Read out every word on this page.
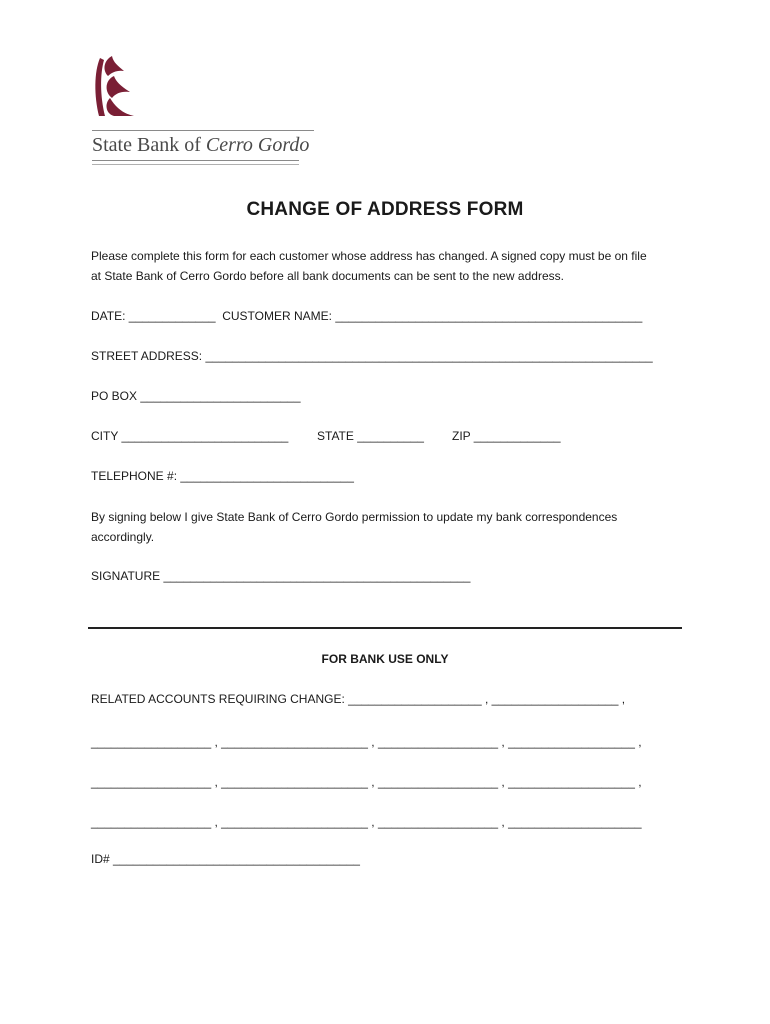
State Bank of Cerro Gordo
CHANGE OF ADDRESS FORM
Please complete this form for each customer whose address has changed. A signed copy must be on file
at State Bank of Cerro Gordo before all bank documents can be sent to the new address.
DATE: _____________  CUSTOMER NAME: ______________________________________________
STREET ADDRESS: ___________________________________________________________________
PO BOX ________________________
CITY _________________________ STATE __________ ZIP _____________
TELEPHONE #: __________________________
By signing below I give State Bank of Cerro Gordo permission to update my bank correspondences
accordingly.
SIGNATURE ______________________________________________
FOR BANK USE ONLY
RELATED ACCOUNTS REQUIRING CHANGE: ____________________ , ___________________ ,
__________________ , ______________________ , __________________ , ___________________ ,
__________________ , ______________________ , __________________ , ___________________ ,
__________________ , ______________________ , __________________ , ____________________
ID# _____________________________________
